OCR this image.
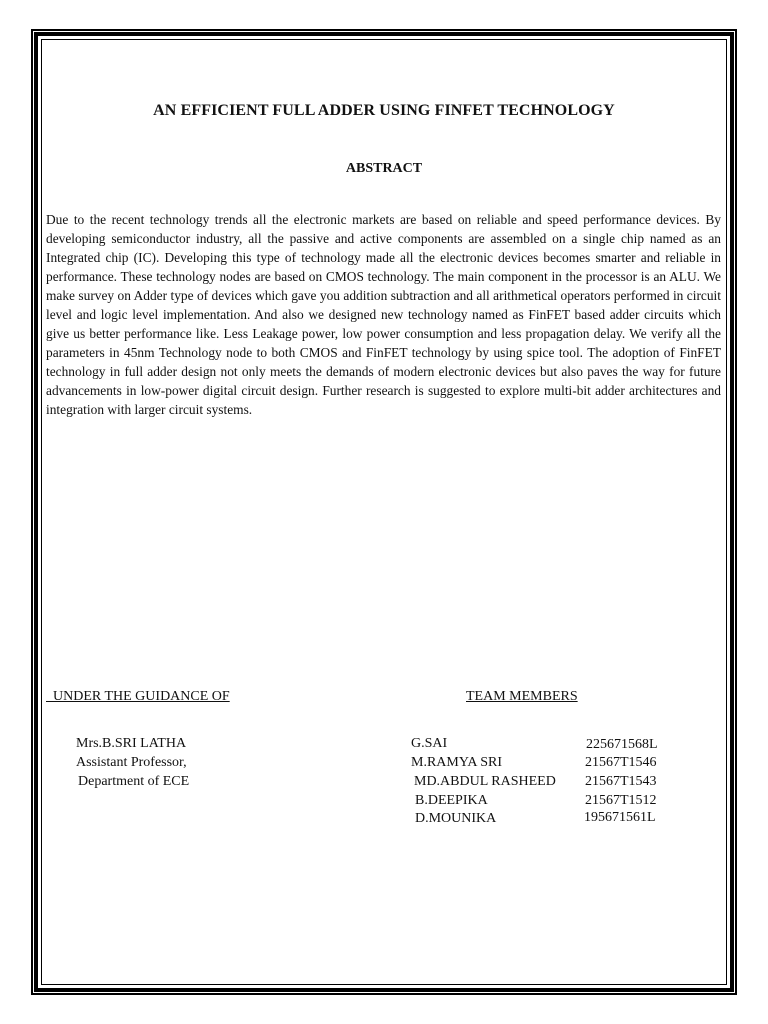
AN EFFICIENT FULL ADDER USING FINFET TECHNOLOGY
ABSTRACT

Due to the recent technology trends all the electronic markets are based on reliable and speed performance devices. By developing semiconductor industry, all the passive and active components are assembled on a single chip named as an Integrated chip (IC). Developing this type of technology made all the electronic devices becomes smarter and reliable in performance. These technology nodes are based on CMOS technology. The main component in the processor is an ALU. We make survey on Adder type of devices which gave you addition subtraction and all arithmetical operators performed in circuit level and logic level implementation. And also we designed new technology named as FinFET based adder circuits which give us better performance like. Less Leakage power, low power consumption and less propagation delay. We verify all the parameters in 45nm Technology node to both CMOS and FinFET technology by using spice tool. The adoption of FinFET technology in full adder design not only meets the demands of modern electronic devices but also paves the way for future advancements in low-power digital circuit design. Further research is suggested to explore multi-bit adder architectures and integration with larger circuit systems.

UNDER THE GUIDANCE OF	TEAM MEMBERS
Mrs.B.SRI LATHA
Assistant Professor,
Department of ECE
G.SAI	225671568L
M.RAMYA SRI	21567T1546
MD.ABDUL RASHEED 21567T1543
B.DEEPIKA	21567T1512
D.MOUNIKA	195671561L
